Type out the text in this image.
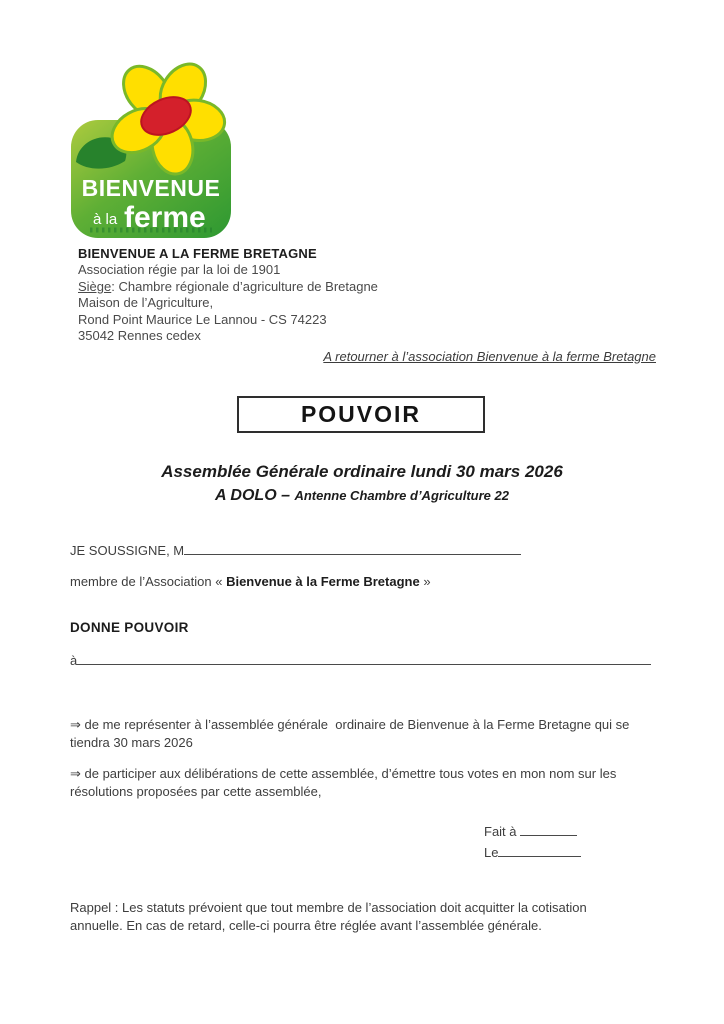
BIENVENUE
à la ferme
BIENVENUE A LA FERME BRETAGNE
Association régie par la loi de 1901
Siège: Chambre régionale d’agriculture de Bretagne
Maison de l’Agriculture,
Rond Point Maurice Le Lannou - CS 74223
35042 Rennes cedex
A retourner à l’association Bienvenue à la ferme Bretagne
POUVOIR
Assemblée Générale ordinaire lundi 30 mars 2026
A DOLO – Antenne Chambre d’Agriculture 22
JE SOUSSIGNE, M
membre de l’Association « Bienvenue à la Ferme Bretagne »
DONNE POUVOIR
à
⇒ de me représenter à l’assemblée générale  ordinaire de Bienvenue à la Ferme Bretagne qui se
tiendra 30 mars 2026
⇒ de participer aux délibérations de cette assemblée, d’émettre tous votes en mon nom sur les
résolutions proposées par cette assemblée,
Fait à
Le
Rappel : Les statuts prévoient que tout membre de l’association doit acquitter la cotisation
annuelle. En cas de retard, celle-ci pourra être réglée avant l’assemblée générale.
